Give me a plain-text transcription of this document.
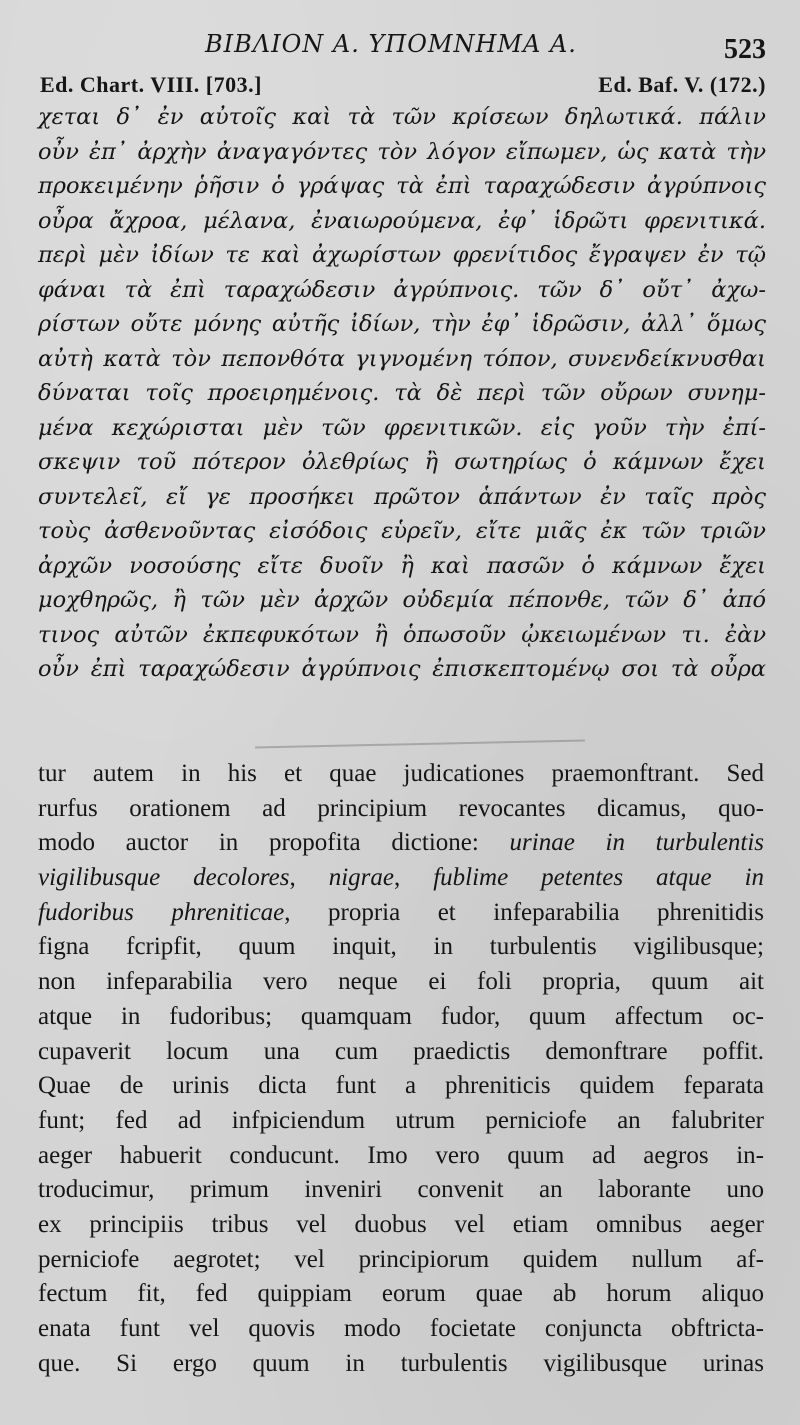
ΒΙΒΛΙΟΝ Α. ΥΠΟΜΝΗΜΑ Α.	523
Ed. Chart. VIII. [703.]	Ed. Baf. V. (172.)
χεται δ᾽ ἐν αὐτοῖς καὶ τὰ τῶν κρίσεων δηλωτικά. πάλιν
οὖν ἐπ᾽ ἀρχὴν ἀναγαγόντες τὸν λόγον εἴπωμεν, ὡς κατὰ τὴν
προκειμένην ῥῆσιν ὁ γράψας τὰ ἐπὶ ταραχώδεσιν ἀγρύπνοις
οὖρα ἄχροα, μέλανα, ἐναιωρούμενα, ἐφ᾽ ἱδρῶτι φρενιτικά.
περὶ μὲν ἰδίων τε καὶ ἀχωρίστων φρενίτιδος ἔγραψεν ἐν τῷ
φάναι τὰ ἐπὶ ταραχώδεσιν ἀγρύπνοις. τῶν δ᾽ οὔτ᾽ ἀχω-
ρίστων οὔτε μόνης αὐτῆς ἰδίων, τὴν ἐφ᾽ ἱδρῶσιν, ἀλλ᾽ ὅμως
αὐτὴ κατὰ τὸν πεπονθότα γιγνομένη τόπον, συνενδείκνυσθαι
δύναται τοῖς προειρημένοις. τὰ δὲ περὶ τῶν οὔρων συνημ-
μένα κεχώρισται μὲν τῶν φρενιτικῶν. εἰς γοῦν τὴν ἐπί-
σκεψιν τοῦ πότερον ὀλεθρίως ἢ σωτηρίως ὁ κάμνων ἔχει
συντελεῖ, εἴ γε προσήκει πρῶτον ἁπάντων ἐν ταῖς πρὸς
τοὺς ἀσθενοῦντας εἰσόδοις εὑρεῖν, εἴτε μιᾶς ἐκ τῶν τριῶν
ἀρχῶν νοσούσης εἴτε δυοῖν ἢ καὶ πασῶν ὁ κάμνων ἔχει
μοχθηρῶς, ἢ τῶν μὲν ἀρχῶν οὐδεμία πέπονθε, τῶν δ᾽ ἀπό
τινος αὐτῶν ἐκπεφυκότων ἢ ὁπωσοῦν ᾠκειωμένων τι. ἐὰν
οὖν ἐπὶ ταραχώδεσιν ἀγρύπνοις ἐπισκεπτομένῳ σοι τὰ οὖρα
tur autem in his et quae judicationes praemonftrant. Sed
rurfus orationem ad principium revocantes dicamus, quo-
modo auctor in propofita dictione: urinae in turbulentis
vigilibusque decolores, nigrae, fublime petentes atque in
fudoribus phreniticae, propria et infeparabilia phrenitidis
figna fcripfit, quum inquit, in turbulentis vigilibusque;
non infeparabilia vero neque ei foli propria, quum ait
atque in fudoribus; quamquam fudor, quum affectum oc-
cupaverit locum una cum praedictis demonftrare poffit.
Quae de urinis dicta funt a phreniticis quidem feparata
funt; fed ad infpiciendum utrum perniciofe an falubriter
aeger habuerit conducunt. Imo vero quum ad aegros in-
troducimur, primum inveniri convenit an laborante uno
ex principiis tribus vel duobus vel etiam omnibus aeger
perniciofe aegrotet; vel principiorum quidem nullum af-
fectum fit, fed quippiam eorum quae ab horum aliquo
enata funt vel quovis modo focietate conjuncta obftricta-
que. Si ergo quum in turbulentis vigilibusque urinas
